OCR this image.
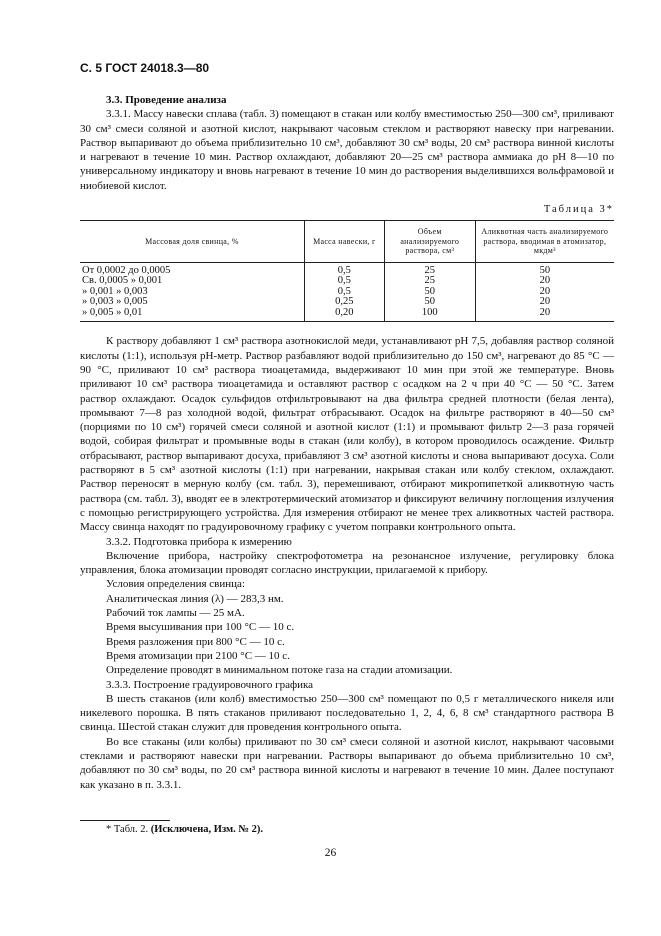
С. 5 ГОСТ 24018.3—80

3.3. Проведение анализа

3.3.1. Массу навески сплава (табл. 3) помещают в стакан или колбу вместимостью 250—300 см³, приливают 30 см³ смеси соляной и азотной кислот, накрывают часовым стеклом и растворяют навеску при нагревании. Раствор выпаривают до объема приблизительно 10 см³, добавляют 30 см³ воды, 20 см³ раствора винной кислоты и нагревают в течение 10 мин. Раствор охлаждают, добавляют 20—25 см³ раствора аммиака до pH 8—10 по универсальному индикатору и вновь нагревают в течение 10 мин до растворения выделившихся вольфрамовой и ниобиевой кислот.

Таблица 3*
Массовая доля свинца, %	Масса навески, г	Объем анализируемого раствора, см³	Аликвотная часть анализируемого раствора, вводимая в атомизатор, мкдм³
От 0,0002 до 0,0005	0,5	25	50
Св. 0,0005 » 0,001	0,5	25	20
» 0,001 » 0,003	0,5	50	20
» 0,003 » 0,005	0,25	50	20
» 0,005 » 0,01	0,20	100	20

К раствору добавляют 1 см³ раствора азотнокислой меди, устанавливают pH 7,5, добавляя раствор соляной кислоты (1:1), используя pH-метр. Раствор разбавляют водой приблизительно до 150 см³, нагревают до 85 °С — 90 °С, приливают 10 см³ раствора тиоацетамида, выдерживают 10 мин при этой же температуре. Вновь приливают 10 см³ раствора тиоацетамида и оставляют раствор с осадком на 2 ч при 40 °С — 50 °С. Затем раствор охлаждают. Осадок сульфидов отфильтровывают на два фильтра средней плотности (белая лента), промывают 7—8 раз холодной водой, фильтрат отбрасывают. Осадок на фильтре растворяют в 40—50 см³ (порциями по 10 см³) горячей смеси соляной и азотной кислот (1:1) и промывают фильтр 2—3 раза горячей водой, собирая фильтрат и промывные воды в стакан (или колбу), в котором проводилось осаждение. Фильтр отбрасывают, раствор выпаривают досуха, прибавляют 3 см³ азотной кислоты и снова выпаривают досуха. Соли растворяют в 5 см³ азотной кислоты (1:1) при нагревании, накрывая стакан или колбу стеклом, охлаждают. Раствор переносят в мерную колбу (см. табл. 3), перемешивают, отбирают микропипеткой аликвотную часть раствора (см. табл. 3), вводят ее в электротермический атомизатор и фиксируют величину поглощения излучения с помощью регистрирующего устройства. Для измерения отбирают не менее трех аликвотных частей раствора. Массу свинца находят по градуировочному графику с учетом поправки контрольного опыта.

3.3.2. Подготовка прибора к измерению

Включение прибора, настройку спектрофотометра на резонансное излучение, регулировку блока управления, блока атомизации проводят согласно инструкции, прилагаемой к прибору.

Условия определения свинца:

Аналитическая линия (λ) — 283,3 нм.

Рабочий ток лампы — 25 мА.

Время высушивания при 100 °С — 10 с.

Время разложения при 800 °С — 10 с.

Время атомизации при 2100 °С — 10 с.

Определение проводят в минимальном потоке газа на стадии атомизации.

3.3.3. Построение градуировочного графика

В шесть стаканов (или колб) вместимостью 250—300 см³ помещают по 0,5 г металлического никеля или никелевого порошка. В пять стаканов приливают последовательно 1, 2, 4, 6, 8 см³ стандартного раствора В свинца. Шестой стакан служит для проведения контрольного опыта.

Во все стаканы (или колбы) приливают по 30 см³ смеси соляной и азотной кислот, накрывают часовыми стеклами и растворяют навески при нагревании. Растворы выпаривают до объема приблизительно 10 см³, добавляют по 30 см³ воды, по 20 см³ раствора винной кислоты и нагревают в течение 10 мин. Далее поступают как указано в п. 3.3.1.

* Табл. 2. (Исключена, Изм. № 2).
26
